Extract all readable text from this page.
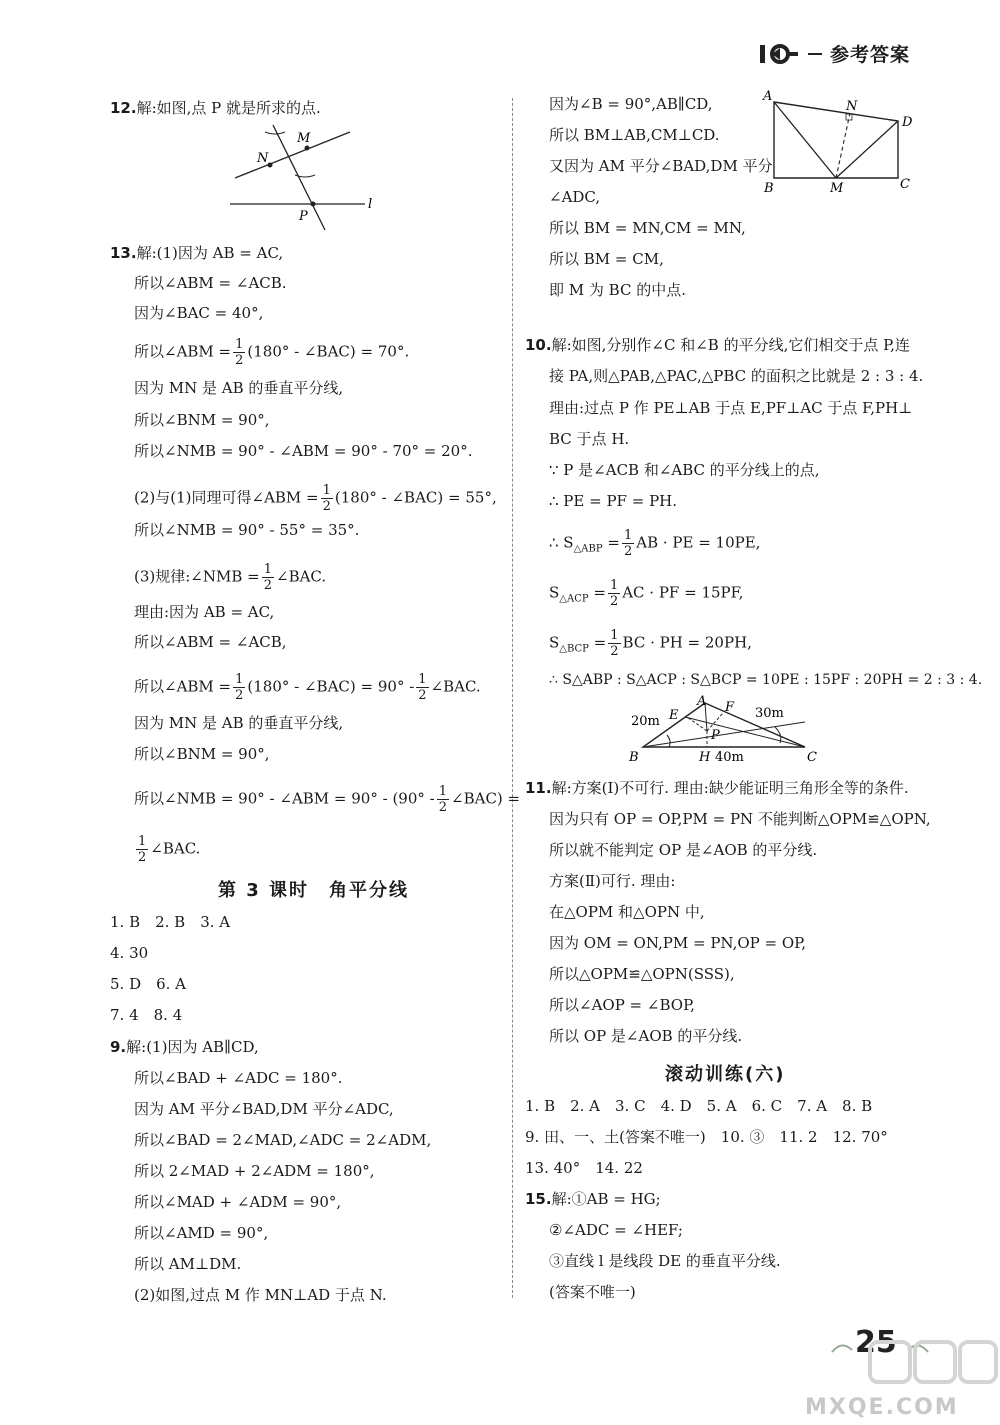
参考答案
12.解:如图,点 P 就是所求的点.
M
N
P
l
13.解:(1)因为 AB = AC,
所以∠ABM = ∠ACB.
因为∠BAC = 40°,
所以∠ABM = $\frac{1}{2} (180^\circ$ - ∠BAC) = 70°.
因为 MN 是 AB 的垂直平分线,
所以∠BNM = 90°,
所以∠NMB = 90° - ∠ABM = 90° - 70° = 20°.
(2)与(1)同理可得∠ABM = $\frac{1}{2} (180^\circ$ - ∠BAC) = 55°,
所以∠NMB = 90° - 55° = 35°.
(3)规律:∠NMB = $\frac{1}{2}$ ∠BAC.
理由:因为 AB = AC,
所以∠ABM = ∠ACB,
所以∠ABM = $\frac{1}{2} (180^\circ$ - ∠BAC) = $90^\circ - \frac{1}{2}$ ∠BAC.
因为 MN 是 AB 的垂直平分线,
所以∠BNM = 90°,
所以∠NMB = 90° - ∠ABM = $90^\circ - (90^\circ - \frac{1}{2}$ ∠BAC) =
$\frac{1}{2}$ ∠BAC.
第 3 课时　角平分线
1. B　2. B　3. A
4. 30
5. D　6. A
7. 4　8. 4
9.解:(1)因为 AB∥CD,
所以∠BAD + ∠ADC = 180°.
因为 AM 平分∠BAD,DM 平分∠ADC,
所以∠BAD = 2∠MAD,∠ADC = 2∠ADM,
所以 2∠MAD + 2∠ADM = 180°,
所以∠MAD + ∠ADM = 90°,
所以∠AMD = 90°,
所以 AM⊥DM.
(2)如图,过点 M 作 MN⊥AD 于点 N.
因为∠B = 90°,AB∥CD,
所以 BM⊥AB,CM⊥CD.
又因为 AM 平分∠BAD,DM 平分
∠ADC,
所以 BM = MN,CM = MN,
所以 BM = CM,
即 M 为 BC 的中点.
A
N
D
B	M	C
10.解:如图,分别作∠C 和∠B 的平分线,它们相交于点 P,连
接 PA,则△PAB,△PAC,△PBC 的面积之比就是 2 : 3 : 4.
理由:过点 P 作 PE⊥AB 于点 E,PF⊥AC 于点 F,PH⊥
BC 于点 H.
∵ P 是∠ACB 和∠ABC 的平分线上的点,
∴ PE = PF = PH.
∴ $S_{\triangle ABP} = \frac{1}{2}$ AB · PE = 10PE,
$S_{\triangle ACP} = \frac{1}{2}$ AC · PF = 15PF,
$S_{\triangle BCP} = \frac{1}{2}$ BC · PH = 20PH,
∴ S△ABP : S△ACP : S△BCP = 10PE : 15PF : 20PH = 2 : 3 : 4.
A
E
F
P
B	H	C
20m
30m
40m
11.解:方案(Ⅰ)不可行. 理由:缺少能证明三角形全等的条件.
因为只有 OP = OP,PM = PN 不能判断△OPM≌△OPN,
所以就不能判定 OP 是∠AOB 的平分线.
方案(Ⅱ)可行. 理由:
在△OPM 和△OPN 中,
因为 OM = ON,PM = PN,OP = OP,
所以△OPM≌△OPN(SSS),
所以∠AOP = ∠BOP,
所以 OP 是∠AOB 的平分线.
滚动训练(六)
1. B　2. A　3. C　4. D　5. A　6. C　7. A　8. B
9. 田、一、土(答案不唯一)　10. ③　11. 2　12. 70°
13. 40°　14. 22
15.解:①AB = HG;
②∠ADC = ∠HEF;
③直线 l 是线段 DE 的垂直平分线.
(答案不唯一)
25
MXQE.COM
